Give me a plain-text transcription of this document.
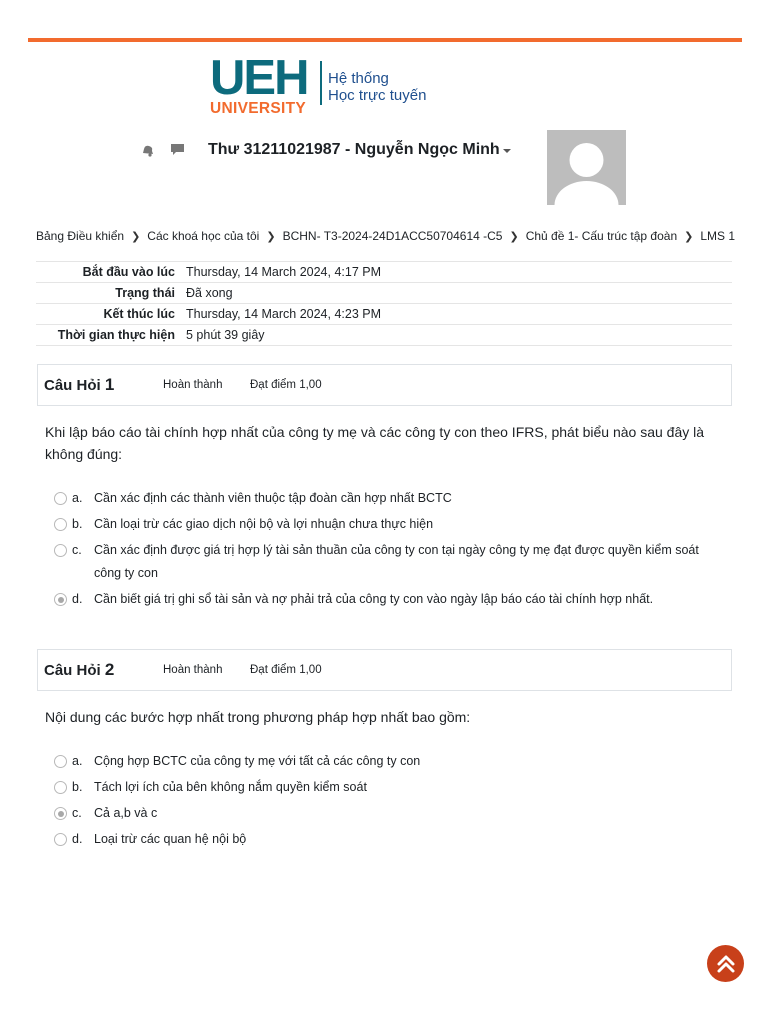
UEH
UNIVERSITY
Hệ thống
Học trực tuyến
Thư 31211021987 - Nguyễn Ngọc Minh
Bảng Điều khiển ❯ Các khoá học của tôi ❯ BCHN- T3-2024-24D1ACC50704614 -C5 ❯ Chủ đề 1- Cấu trúc tập đoàn ❯ LMS 1
Bắt đầu vào lúc	Thursday, 14 March 2024, 4:17 PM
Trạng thái	Đã xong
Kết thúc lúc	Thursday, 14 March 2024, 4:23 PM
Thời gian thực hiện	5 phút 39 giây
Câu Hỏi 1	Hoàn thành Đạt điểm 1,00
Khi lập báo cáo tài chính hợp nhất của công ty mẹ và các công ty con theo IFRS, phát biểu nào sau đây là không đúng:
a. Cần xác định các thành viên thuộc tập đoàn cần hợp nhất BCTC
b. Cần loại trừ các giao dịch nội bộ và lợi nhuận chưa thực hiện
c. Cần xác định được giá trị hợp lý tài sản thuần của công ty con tại ngày công ty mẹ đạt được quyền kiểm soát công ty con
d. Cần biết giá trị ghi sổ tài sản và nợ phải trả của công ty con vào ngày lập báo cáo tài chính hợp nhất.
Câu Hỏi 2	Hoàn thành Đạt điểm 1,00
Nội dung các bước hợp nhất trong phương pháp hợp nhất bao gồm:
a. Cộng hợp BCTC của công ty mẹ với tất cả các công ty con
b. Tách lợi ích của bên không nắm quyền kiểm soát
c. Cả a,b và c
d. Loại trừ các quan hệ nội bộ
